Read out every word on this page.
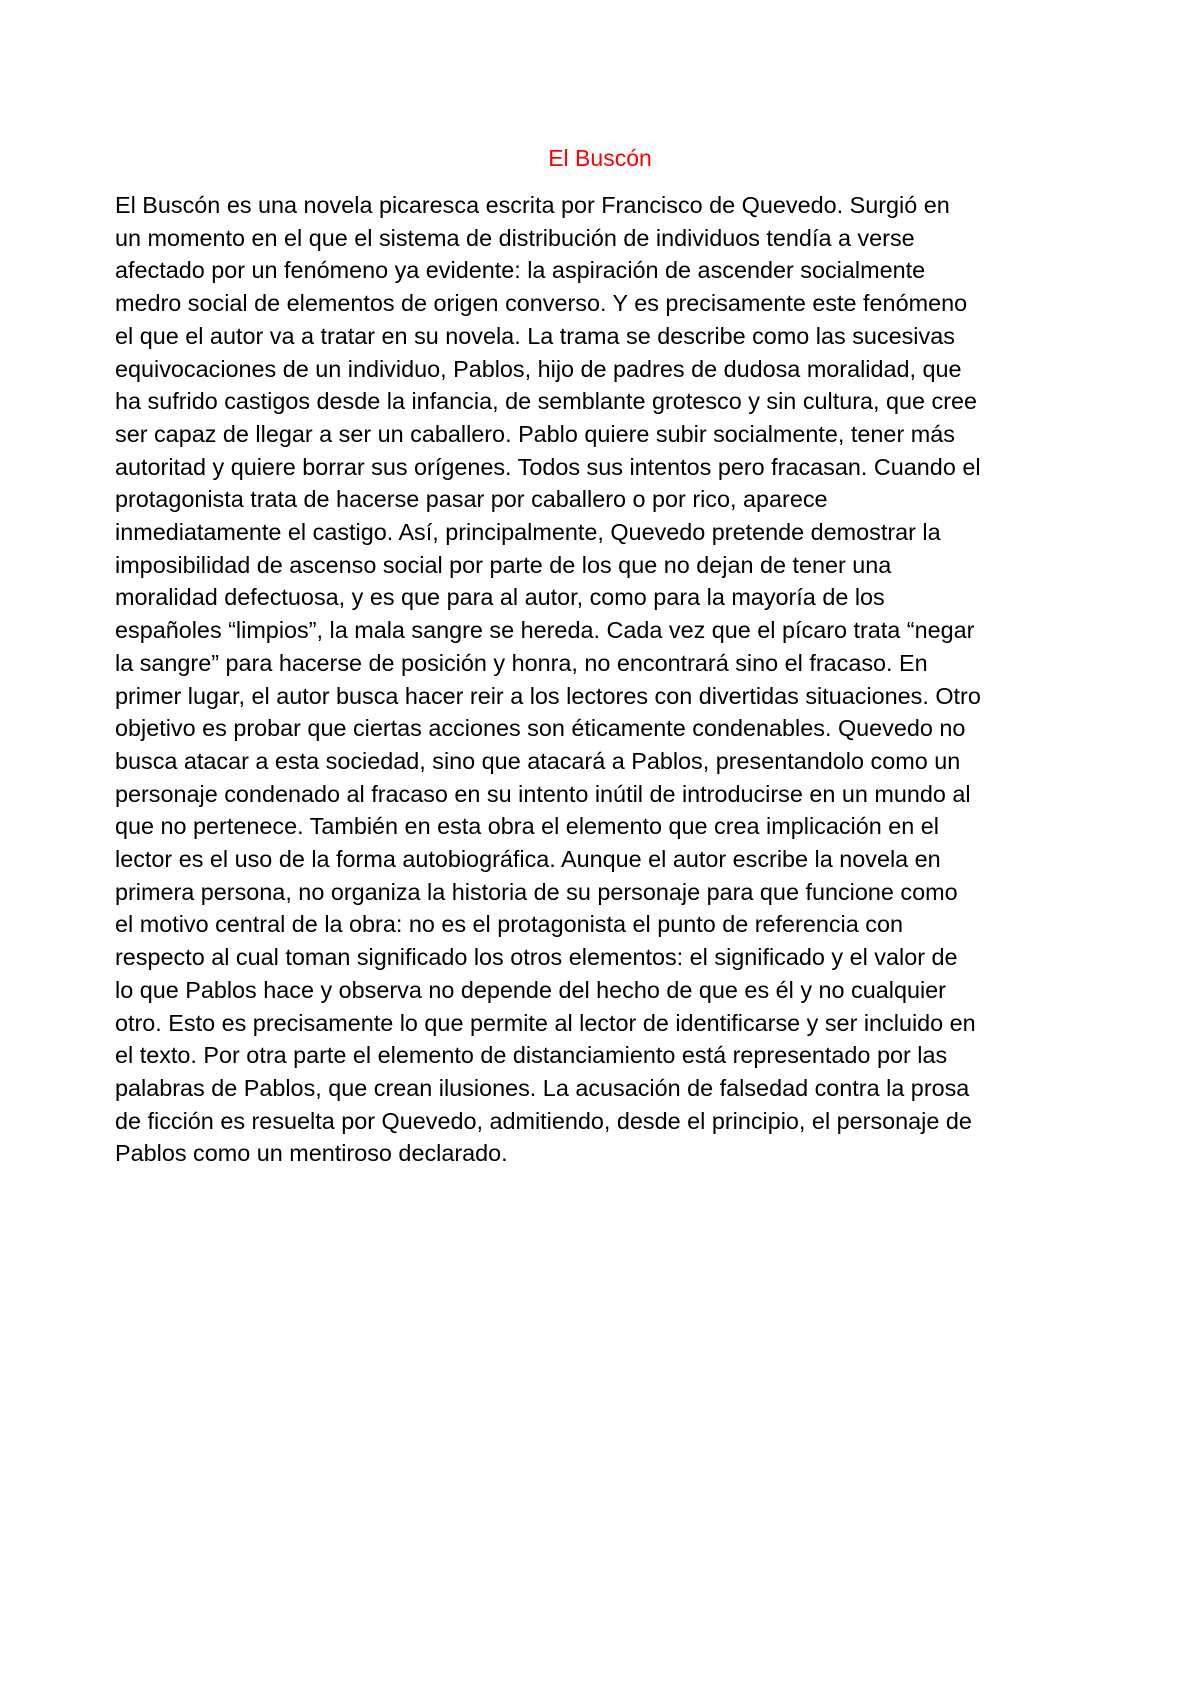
El Buscón
El Buscón es una novela picaresca escrita por Francisco de Quevedo. Surgió en
un momento en el que el sistema de distribución de individuos tendía a verse
afectado por un fenómeno ya evidente: la aspiración de ascender socialmente
medro social de elementos de origen converso. Y es precisamente este fenómeno
el que el autor va a tratar en su novela. La trama se describe como las sucesivas
equivocaciones de un individuo, Pablos, hijo de padres de dudosa moralidad, que
ha sufrido castigos desde la infancia, de semblante grotesco y sin cultura, que cree
ser capaz de llegar a ser un caballero. Pablo quiere subir socialmente, tener más
autoritad y quiere borrar sus orígenes. Todos sus intentos pero fracasan. Cuando el
protagonista trata de hacerse pasar por caballero o por rico, aparece
inmediatamente el castigo. Así, principalmente, Quevedo pretende demostrar la
imposibilidad de ascenso social por parte de los que no dejan de tener una
moralidad defectuosa, y es que para al autor, como para la mayoría de los
españoles “limpios”, la mala sangre se hereda. Cada vez que el pícaro trata “negar
la sangre” para hacerse de posición y honra, no encontrará sino el fracaso. En
primer lugar, el autor busca hacer reir a los lectores con divertidas situaciones. Otro
objetivo es probar que ciertas acciones son éticamente condenables. Quevedo no
busca atacar a esta sociedad, sino que atacará a Pablos, presentandolo como un
personaje condenado al fracaso en su intento inútil de introducirse en un mundo al
que no pertenece. También en esta obra el elemento que crea implicación en el
lector es el uso de la forma autobiográfica. Aunque el autor escribe la novela en
primera persona, no organiza la historia de su personaje para que funcione como
el motivo central de la obra: no es el protagonista el punto de referencia con
respecto al cual toman significado los otros elementos: el significado y el valor de
lo que Pablos hace y observa no depende del hecho de que es él y no cualquier
otro. Esto es precisamente lo que permite al lector de identificarse y ser incluido en
el texto. Por otra parte el elemento de distanciamiento está representado por las
palabras de Pablos, que crean ilusiones. La acusación de falsedad contra la prosa
de ficción es resuelta por Quevedo, admitiendo, desde el principio, el personaje de
Pablos como un mentiroso declarado.
